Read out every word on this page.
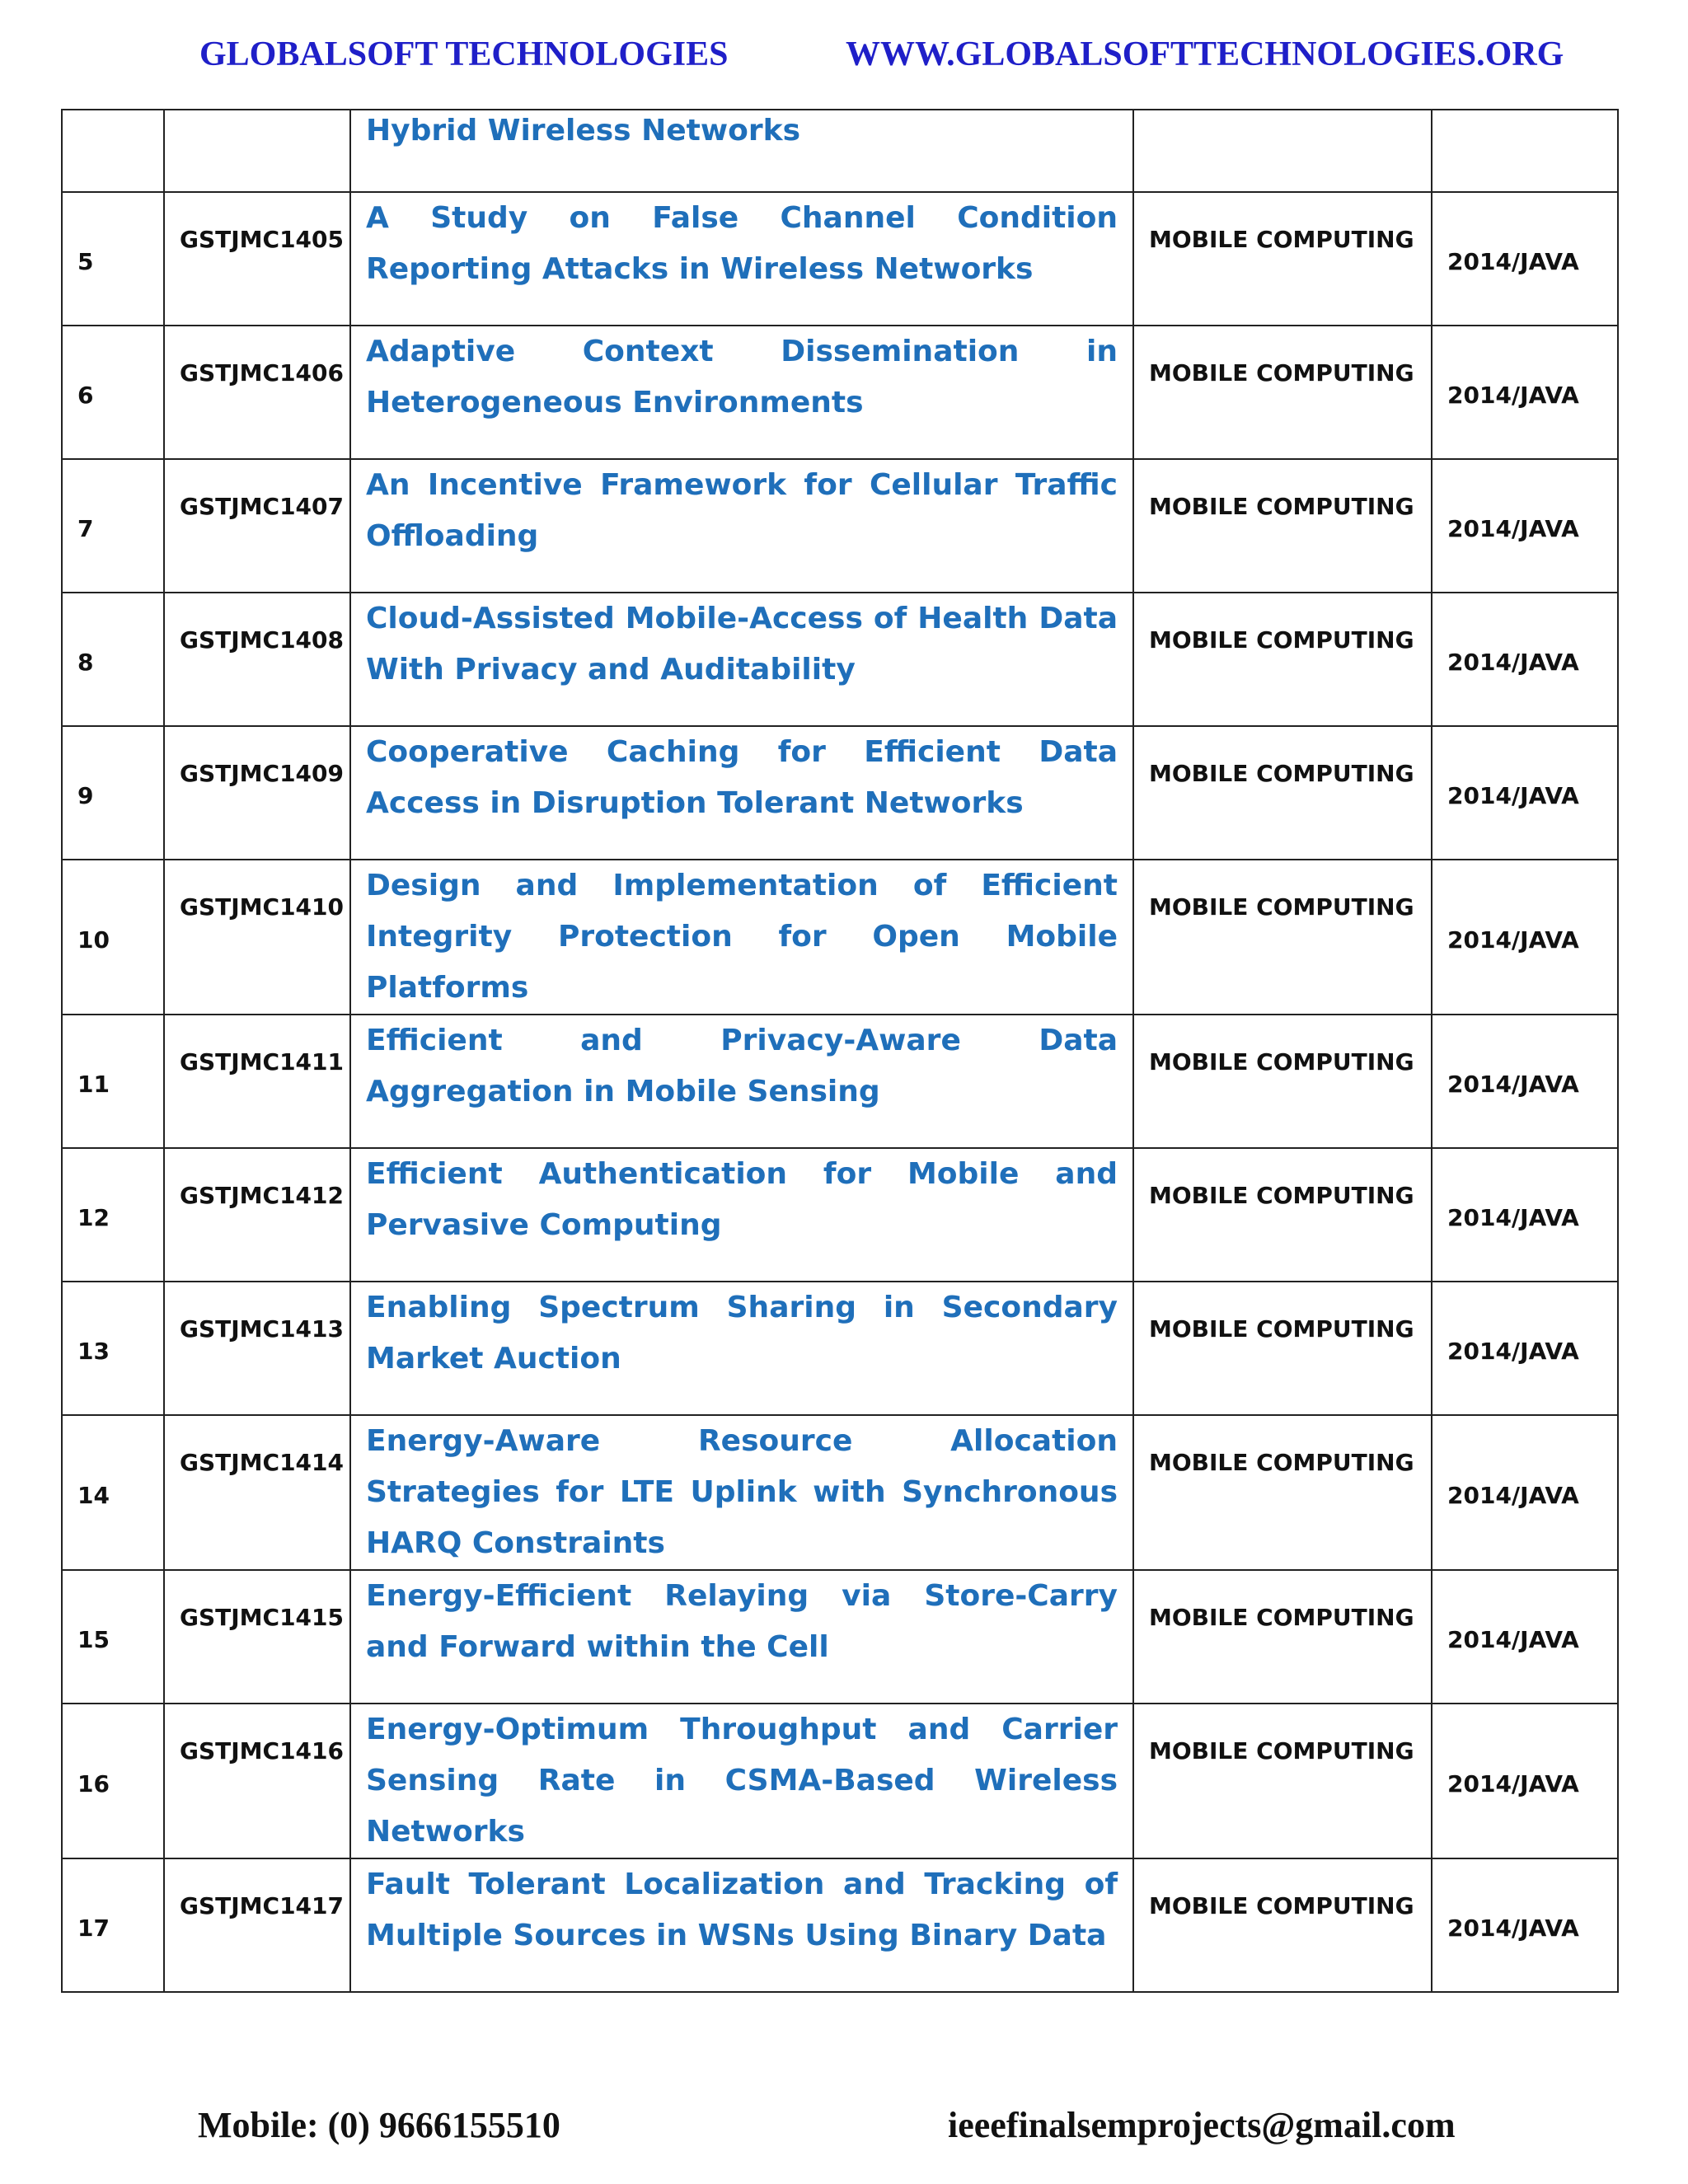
GLOBALSOFT TECHNOLOGIES	WWW.GLOBALSOFTTECHNOLOGIES.ORG
		Hybrid Wireless Networks		
5	GSTJMC1405	A Study on False Channel Condition Reporting Attacks in Wireless Networks	MOBILE COMPUTING	2014/JAVA
6	GSTJMC1406	Adaptive Context Dissemination in Heterogeneous Environments	MOBILE COMPUTING	2014/JAVA
7	GSTJMC1407	An Incentive Framework for Cellular Traffic Offloading	MOBILE COMPUTING	2014/JAVA
8	GSTJMC1408	Cloud-Assisted Mobile-Access of Health Data With Privacy and Auditability	MOBILE COMPUTING	2014/JAVA
9	GSTJMC1409	Cooperative Caching for Efficient Data Access in Disruption Tolerant Networks	MOBILE COMPUTING	2014/JAVA
10	GSTJMC1410	Design and Implementation of Efficient Integrity Protection for Open Mobile Platforms	MOBILE COMPUTING	2014/JAVA
11	GSTJMC1411	Efficient and Privacy-Aware Data Aggregation in Mobile Sensing	MOBILE COMPUTING	2014/JAVA
12	GSTJMC1412	Efficient Authentication for Mobile and Pervasive Computing	MOBILE COMPUTING	2014/JAVA
13	GSTJMC1413	Enabling Spectrum Sharing in Secondary Market Auction	MOBILE COMPUTING	2014/JAVA
14	GSTJMC1414	Energy-Aware Resource Allocation Strategies for LTE Uplink with Synchronous HARQ Constraints	MOBILE COMPUTING	2014/JAVA
15	GSTJMC1415	Energy-Efficient Relaying via Store-Carry and Forward within the Cell	MOBILE COMPUTING	2014/JAVA
16	GSTJMC1416	Energy-Optimum Throughput and Carrier Sensing Rate in CSMA-Based Wireless Networks	MOBILE COMPUTING	2014/JAVA
17	GSTJMC1417	Fault Tolerant Localization and Tracking of Multiple Sources in WSNs Using Binary Data	MOBILE COMPUTING	2014/JAVA
Mobile: (0) 9666155510	ieeefinalsemprojects@gmail.com
